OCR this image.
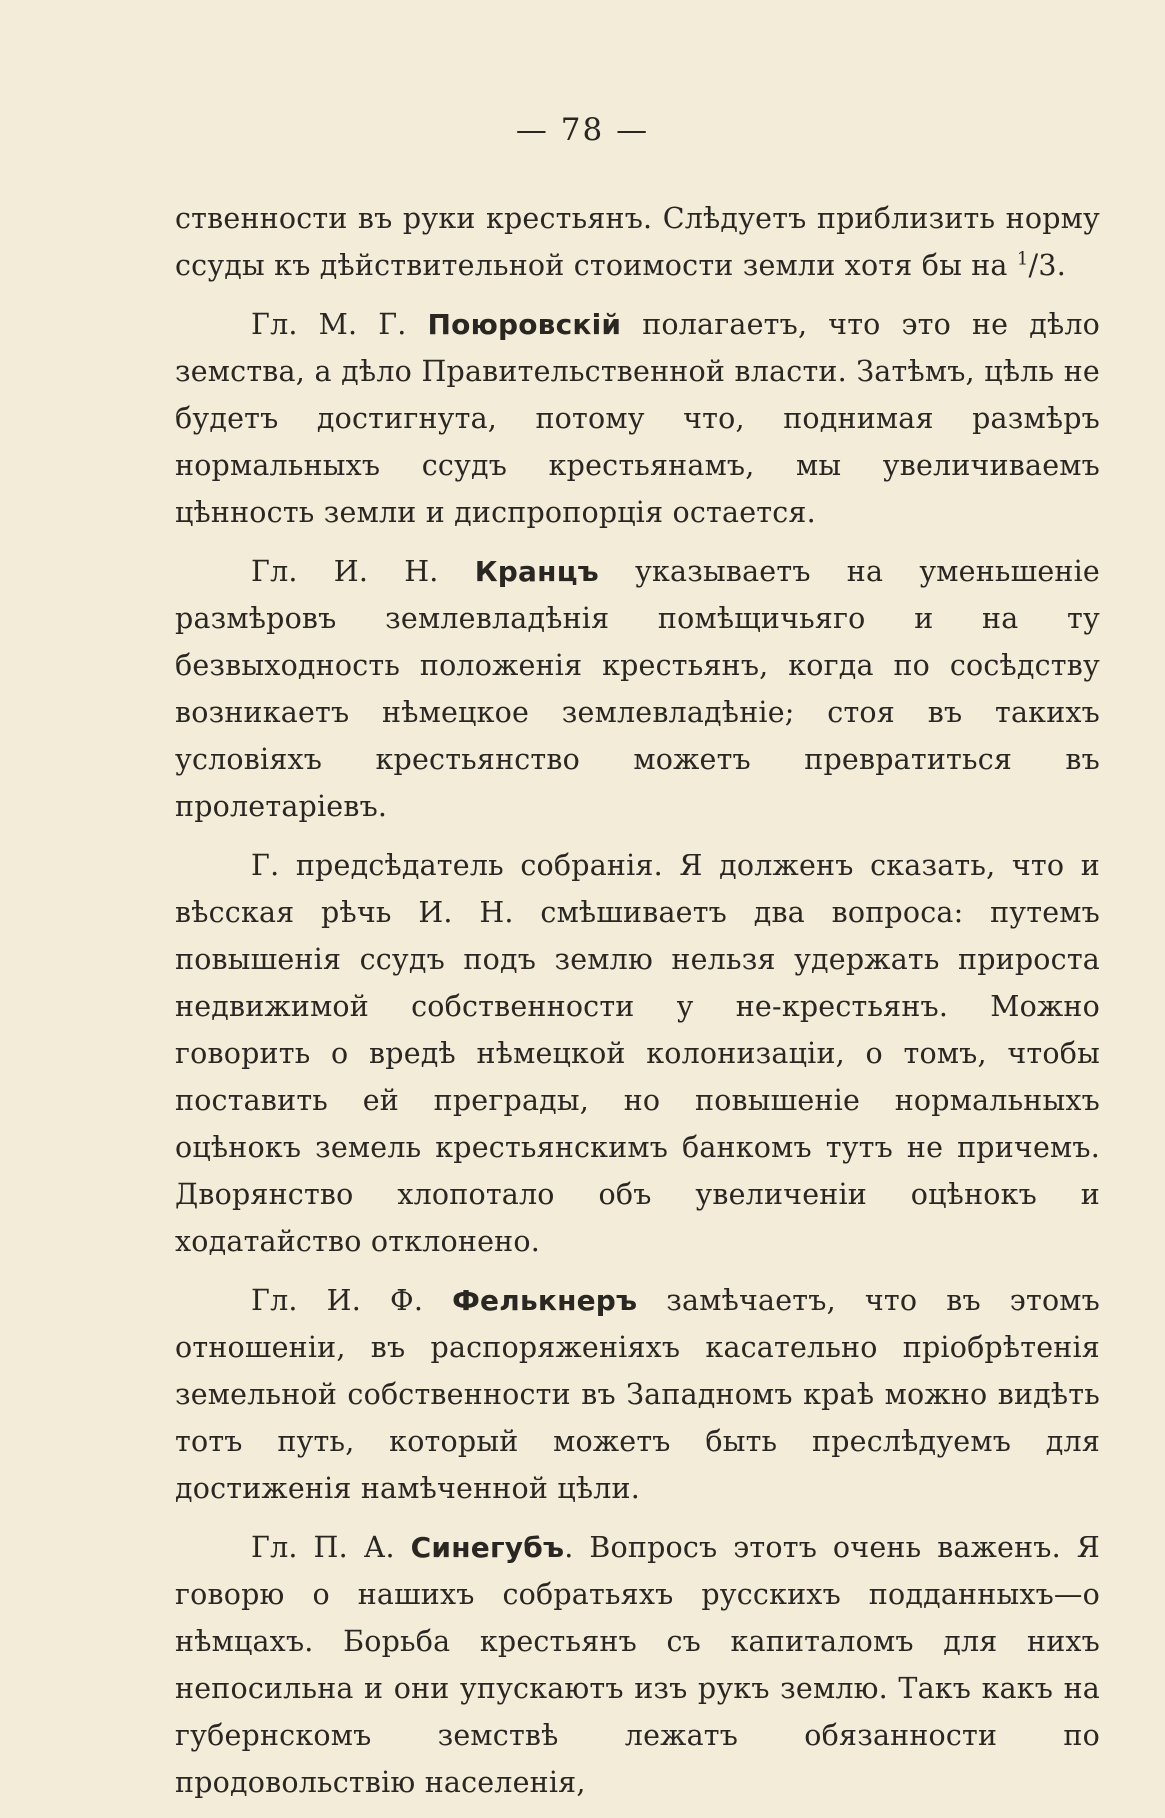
— 78 —

ственности въ руки крестьянъ. Слѣдуетъ приблизить норму ссуды къ дѣйствительной стоимости земли хотя бы на $^1$/3.

Гл. М. Г. Поюровскій полагаетъ, что это не дѣло земства, а дѣло Правительственной власти. Затѣмъ, цѣль не будетъ достигнута, потому что, поднимая размѣръ нормальныхъ ссудъ крестьянамъ, мы увеличиваемъ цѣнность земли и диспропорція остается.

Гл. И. Н. Кранцъ указываетъ на уменьшеніе размѣровъ землевладѣнія помѣщичьяго и на ту безвыходность положенія крестьянъ, когда по сосѣдству возникаетъ нѣмецкое землевладѣніе; стоя въ такихъ условіяхъ крестьянство можетъ превратиться въ пролетаріевъ.

Г. предсѣдатель собранія. Я долженъ сказать, что и вѣсская рѣчь И. Н. смѣшиваетъ два вопроса: путемъ повышенія ссудъ подъ землю нельзя удержать прироста недвижимой собственности у не-крестьянъ. Можно говорить о вредѣ нѣмецкой колонизаціи, о томъ, чтобы поставить ей преграды, но повышеніе нормальныхъ оцѣнокъ земель крестьянскимъ банкомъ тутъ не причемъ. Дворянство хлопотало объ увеличеніи оцѣнокъ и ходатайство отклонено.

Гл. И. Ф. Фелькнеръ замѣчаетъ, что въ этомъ отношеніи, въ распоряженіяхъ касательно пріобрѣтенія земельной собственности въ Западномъ краѣ можно видѣть тотъ путь, который можетъ быть преслѣдуемъ для достиженія намѣченной цѣли.

Гл. П. А. Синегубъ. Вопросъ этотъ очень важенъ. Я говорю о нашихъ собратьяхъ русскихъ подданныхъ—о нѣмцахъ. Борьба крестьянъ съ капиталомъ для нихъ непосильна и они упускаютъ изъ рукъ землю. Такъ какъ на губернскомъ земствѣ лежатъ обязанности по продовольствію населенія,
